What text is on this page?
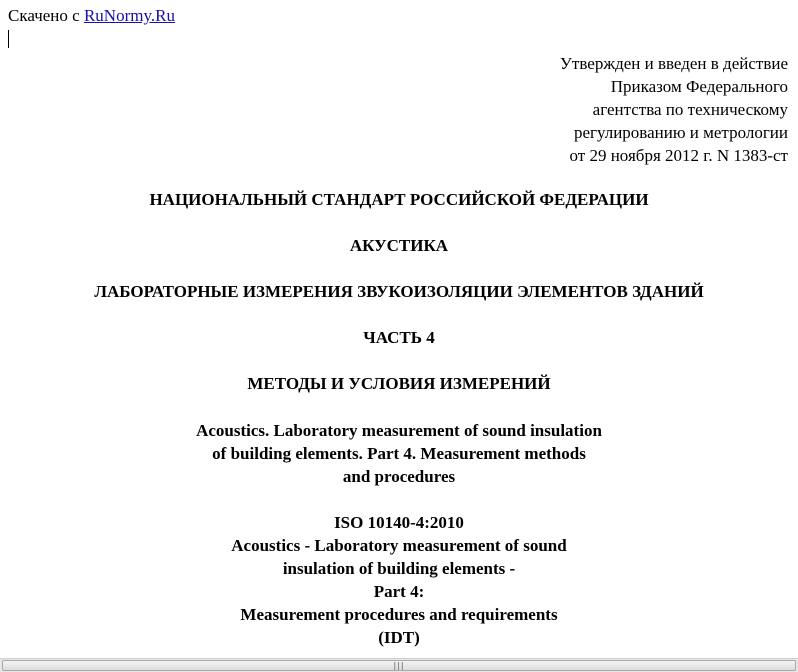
Скачено с RuNormy.Ru
Утвержден и введен в действие
Приказом Федерального
агентства по техническому
регулированию и метрологии
от 29 ноября 2012 г. N 1383-ст
НАЦИОНАЛЬНЫЙ СТАНДАРТ РОССИЙСКОЙ ФЕДЕРАЦИИ
АКУСТИКА
ЛАБОРАТОРНЫЕ ИЗМЕРЕНИЯ ЗВУКОИЗОЛЯЦИИ ЭЛЕМЕНТОВ ЗДАНИЙ
ЧАСТЬ 4
МЕТОДЫ И УСЛОВИЯ ИЗМЕРЕНИЙ
Acoustics. Laboratory measurement of sound insulation
of building elements. Part 4. Measurement methods
and procedures
ISO 10140-4:2010
Acoustics - Laboratory measurement of sound
insulation of building elements -
Part 4:
Measurement procedures and requirements
(IDT)
|||
